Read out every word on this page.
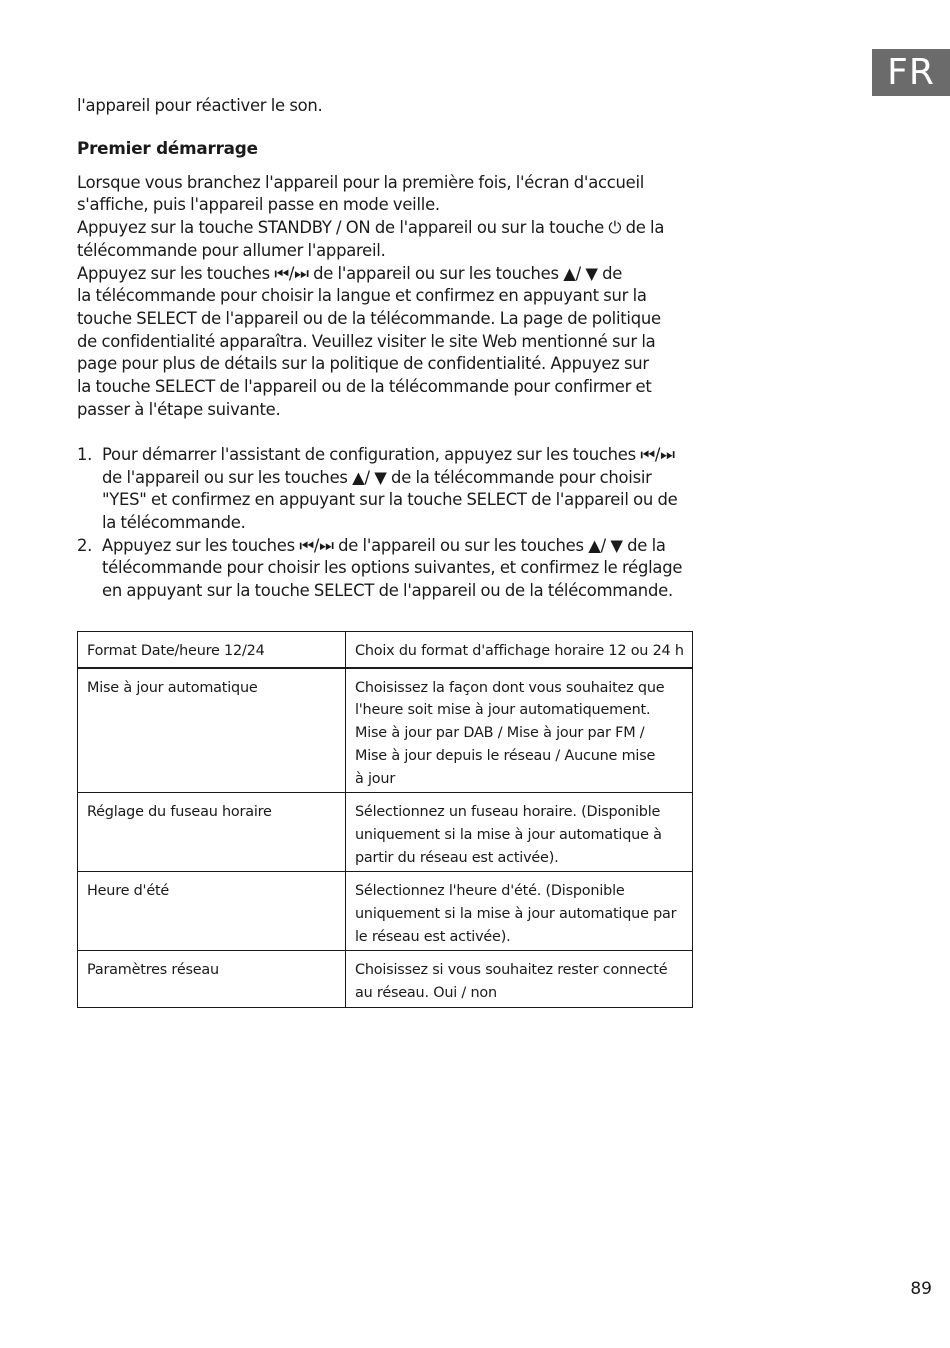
FR

l'appareil pour réactiver le son.

Premier démarrage
Lorsque vous branchez l'appareil pour la première fois, l'écran d'accueil
s'affiche, puis l'appareil passe en mode veille.
Appuyez sur la touche STANDBY / ON de l'appareil ou sur la touche ⏻ de la
télécommande pour allumer l'appareil.
Appuyez sur les touches ⏮/⏭ de l'appareil ou sur les touches ▲/ ▼ de
la télécommande pour choisir la langue et confirmez en appuyant sur la
touche SELECT de l'appareil ou de la télécommande. La page de politique
de confidentialité apparaîtra. Veuillez visiter le site Web mentionné sur la
page pour plus de détails sur la politique de confidentialité. Appuyez sur
la touche SELECT de l'appareil ou de la télécommande pour confirmer et
passer à l'étape suivante.
1. Pour démarrer l'assistant de configuration, appuyez sur les touches ⏮/⏭
de l'appareil ou sur les touches ▲/ ▼ de la télécommande pour choisir
"YES" et confirmez en appuyant sur la touche SELECT de l'appareil ou de
la télécommande.
2. Appuyez sur les touches ⏮/⏭ de l'appareil ou sur les touches ▲/ ▼ de la
télécommande pour choisir les options suivantes, et confirmez le réglage
en appuyant sur la touche SELECT de l'appareil ou de la télécommande.
Format Date/heure 12/24	Choix du format d'affichage horaire 12 ou 24 h

Mise à jour automatique	Choisissez la façon dont vous souhaitez que
l'heure soit mise à jour automatiquement.
Mise à jour par DAB / Mise à jour par FM /
Mise à jour depuis le réseau / Aucune mise
à jour

Réglage du fuseau horaire	Sélectionnez un fuseau horaire. (Disponible
uniquement si la mise à jour automatique à
partir du réseau est activée).

Heure d'été	Sélectionnez l'heure d'été. (Disponible
uniquement si la mise à jour automatique par
le réseau est activée).

Paramètres réseau	Choisissez si vous souhaitez rester connecté
au réseau. Oui / non
89
